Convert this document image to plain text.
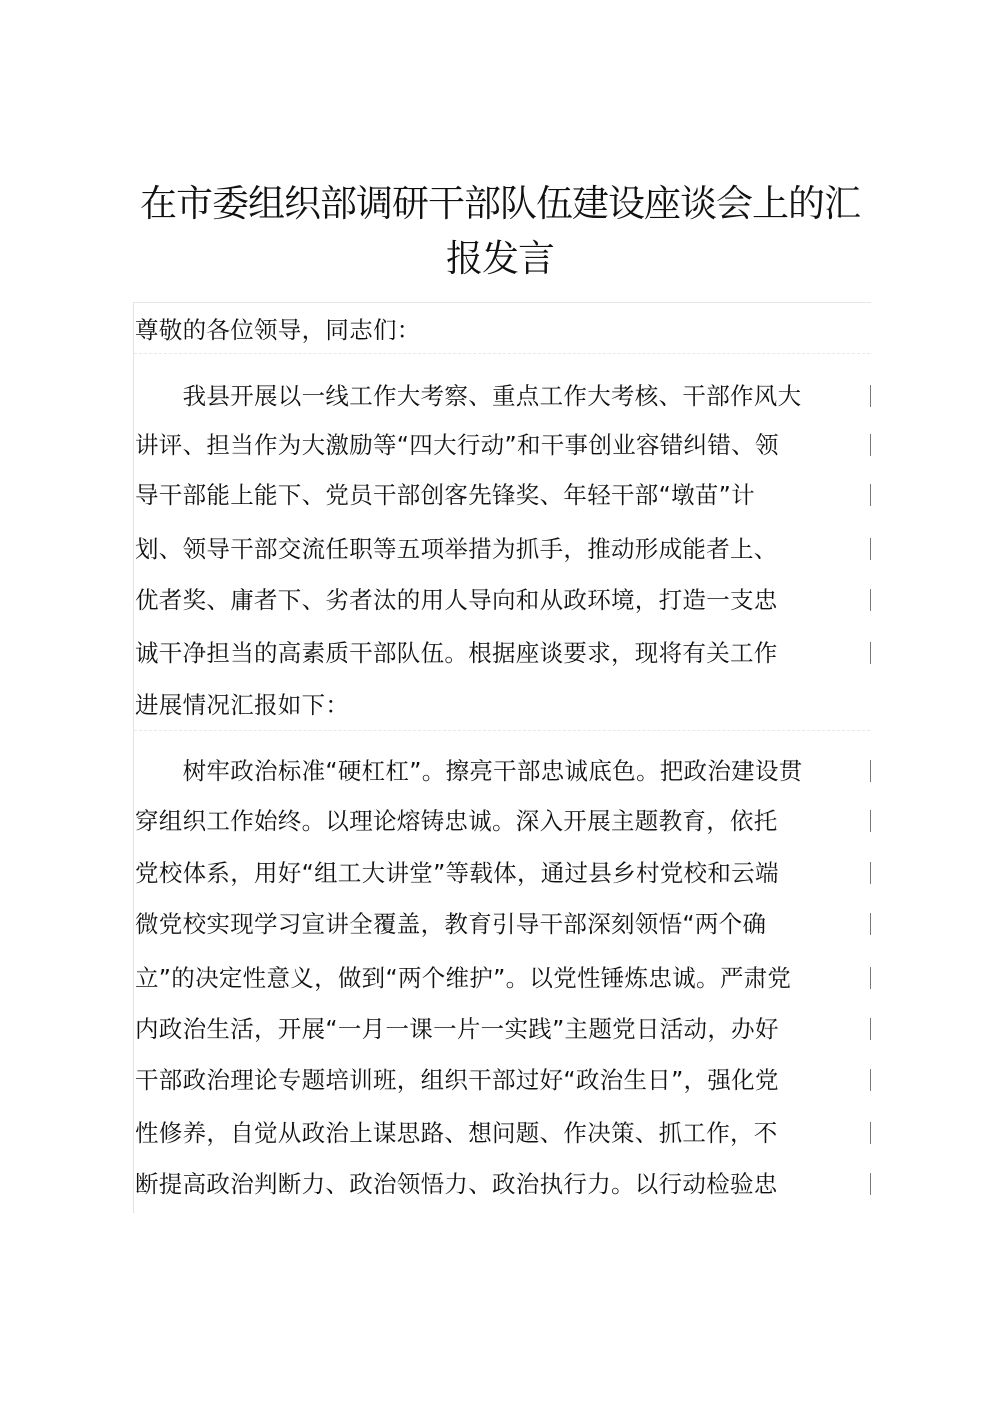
在市委组织部调研干部队伍建设座谈会上的汇
报发言
尊敬的各位领导，同志们：
　　我县开展以一线工作大考察、重点工作大考核、干部作风大
讲评、担当作为大激励等“四大行动”和干事创业容错纠错、领
导干部能上能下、党员干部创客先锋奖、年轻干部“墩苗”计
划、领导干部交流任职等五项举措为抓手，推动形成能者上、
优者奖、庸者下、劣者汰的用人导向和从政环境，打造一支忠
诚干净担当的高素质干部队伍。根据座谈要求，现将有关工作
进展情况汇报如下：
　　树牢政治标准“硬杠杠”。擦亮干部忠诚底色。把政治建设贯
穿组织工作始终。以理论熔铸忠诚。深入开展主题教育，依托
党校体系，用好“组工大讲堂”等载体，通过县乡村党校和云端
微党校实现学习宣讲全覆盖，教育引导干部深刻领悟“两个确
立”的决定性意义，做到“两个维护”。以党性锤炼忠诚。严肃党
内政治生活，开展“一月一课一片一实践”主题党日活动，办好
干部政治理论专题培训班，组织干部过好“政治生日”，强化党
性修养，自觉从政治上谋思路、想问题、作决策、抓工作，不
断提高政治判断力、政治领悟力、政治执行力。以行动检验忠
